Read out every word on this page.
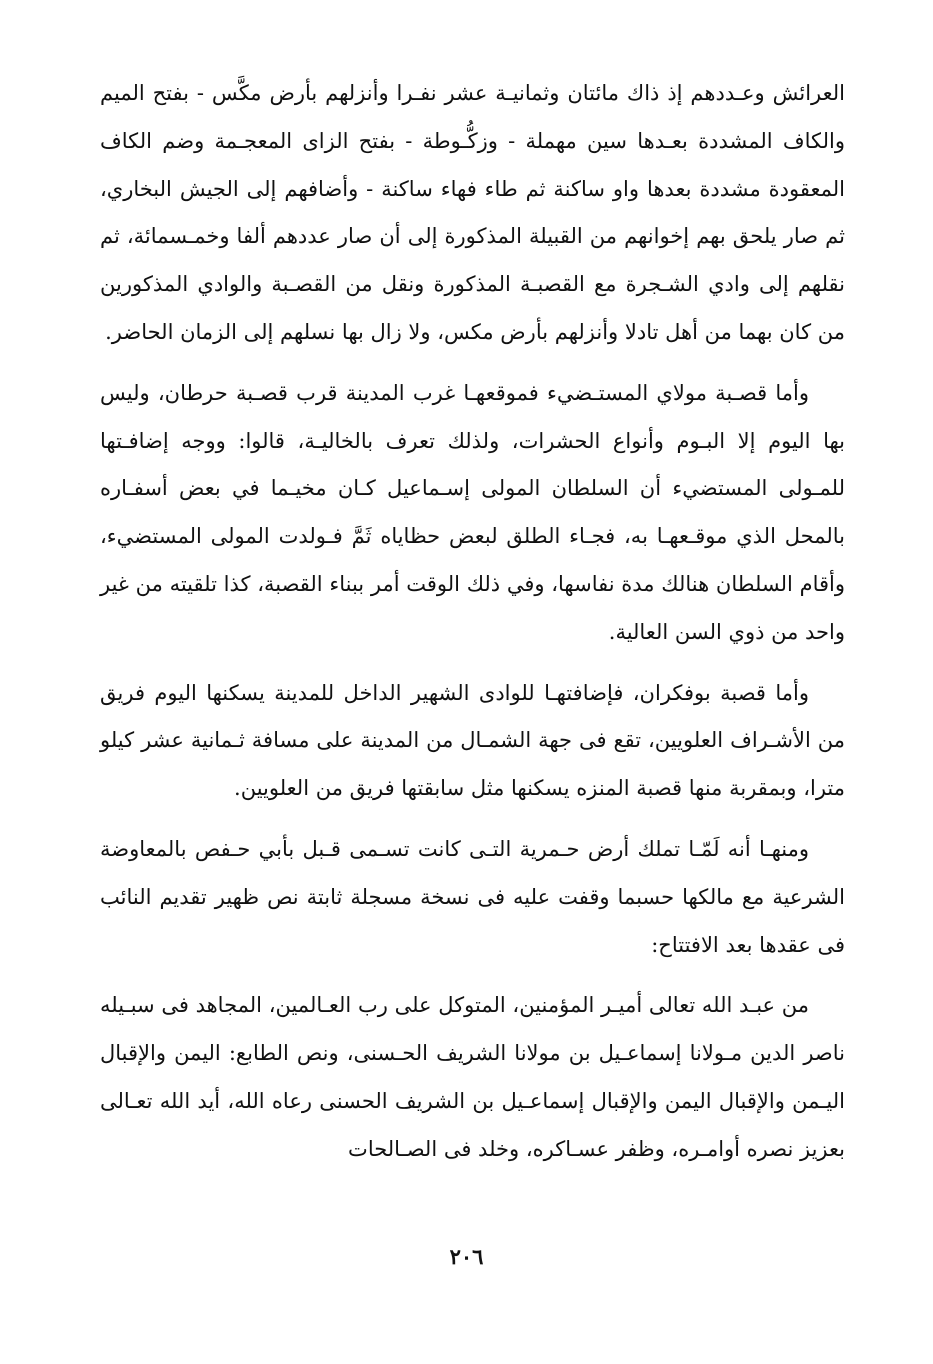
العرائش وعـددهم إذ ذاك مائتان وثمانيـة عشر نفـرا وأنزلهم بأرض مكَّس - بفتح الميم والكاف المشددة بعـدها سين مهملة - وزكُّـوطة - بفتح الزاى المعجـمة وضم الكاف المعقودة مشددة بعدها واو ساكنة ثم طاء فهاء ساكنة - وأضافهم إلى الجيش البخاري، ثم صار يلحق بهم إخوانهم من القبيلة المذكورة إلى أن صار عددهم ألفا وخمـسمائة، ثم نقلهم إلى وادي الشـجرة مع القصبـة المذكورة ونقل من القصـبة والوادي المذكورين من كان بهما من أهل تادلا وأنزلهم بأرض مكس، ولا زال بها نسلهم إلى الزمان الحاضر.

وأما قصـبة مولاي المستـضيء فموقعهـا غرب المدينة قرب قصـبة حرطان، وليس بها اليوم إلا البـوم وأنواع الحشرات، ولذلك تعرف بالخاليـة، قالوا: ووجه إضافـتها للمـولى المستضيء أن السلطان المولى إسـماعيل كـان مخيـما في بعض أسفـاره بالمحل الذي موقـعهـا به، فجـاء الطلق لبعض حظاياه ثَمَّ فـولدت المولى المستضيء، وأقام السلطان هنالك مدة نفاسها، وفي ذلك الوقت أمر ببناء القصبة، كذا تلقيته من غير واحد من ذوي السن العالية.

وأما قصبة بوفكران، فإضافتهـا للوادى الشهير الداخل للمدينة يسكنها اليوم فريق من الأشـراف العلويين، تقع فى جهة الشمـال من المدينة على مسافة ثـمانية عشر كيلو مترا، وبمقربة منها قصبة المنزه يسكنها مثل سابقتها فريق من العلويين.

ومنهـا أنه لَمّـا تملك أرض حـمرية التـى كانت تسـمى قـبل بأبي حـفص بالمعاوضة الشرعية مع مالكها حسبما وقفت عليه فى نسخة مسجلة ثابتة نص ظهير تقديم النائب فى عقدها بعد الافتتاح:

من عبـد الله تعالى أميـر المؤمنين، المتوكل على رب العـالمين، المجاهد فى سبـيله ناصر الدين مـولانا إسماعـيل بن مولانا الشريف الحـسنى، ونص الطابع: اليمن والإقبال اليـمن والإقبال اليمن والإقبال إسماعـيل بن الشريف الحسنى رعاه الله، أيد الله تعـالى بعزيز نصره أوامـره، وظفر عسـاكره، وخلد فى الصـالحات

٢٠٦
